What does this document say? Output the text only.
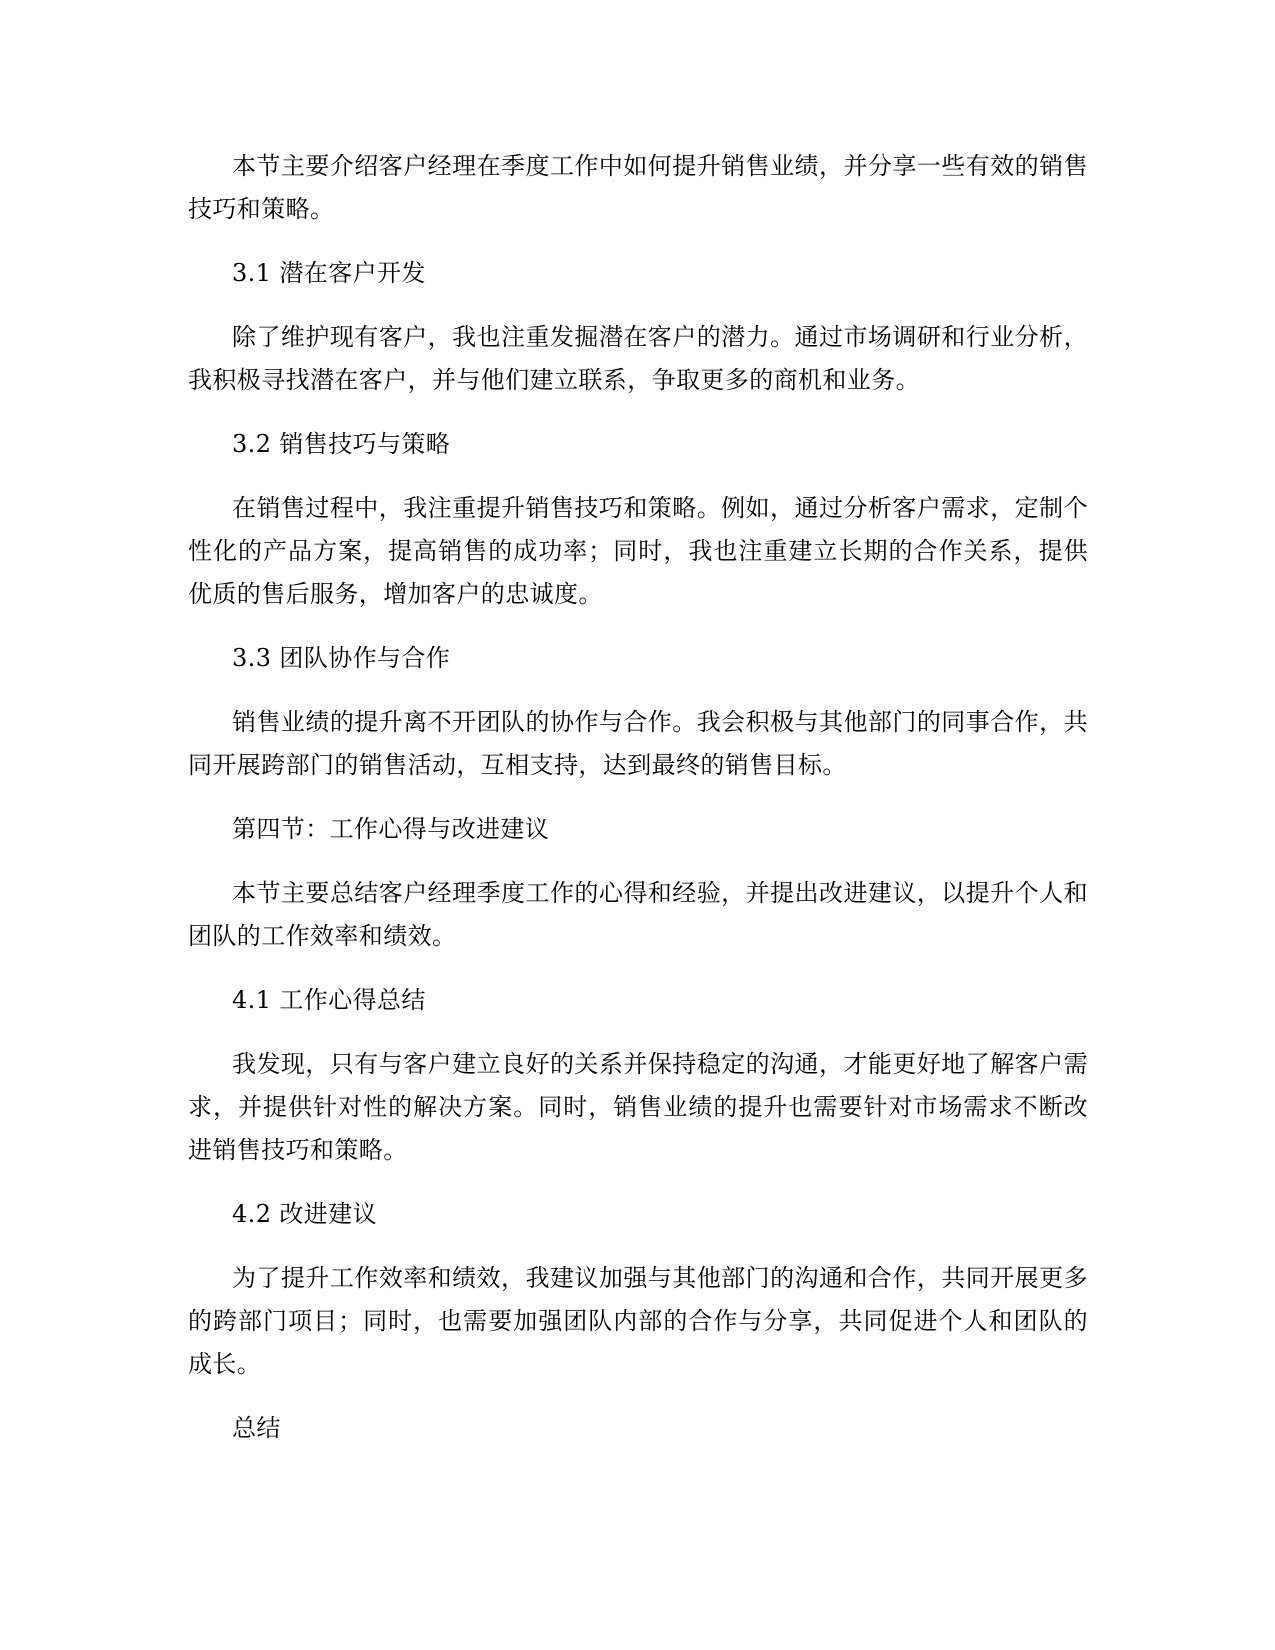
本节主要介绍客户经理在季度工作中如何提升销售业绩，并分享一些有效的销售技巧和策略。

3.1 潜在客户开发

除了维护现有客户，我也注重发掘潜在客户的潜力。通过市场调研和行业分析，我积极寻找潜在客户，并与他们建立联系，争取更多的商机和业务。

3.2 销售技巧与策略

在销售过程中，我注重提升销售技巧和策略。例如，通过分析客户需求，定制个性化的产品方案，提高销售的成功率；同时，我也注重建立长期的合作关系，提供优质的售后服务，增加客户的忠诚度。

3.3 团队协作与合作

销售业绩的提升离不开团队的协作与合作。我会积极与其他部门的同事合作，共同开展跨部门的销售活动，互相支持，达到最终的销售目标。

第四节：工作心得与改进建议

本节主要总结客户经理季度工作的心得和经验，并提出改进建议，以提升个人和团队的工作效率和绩效。

4.1 工作心得总结

我发现，只有与客户建立良好的关系并保持稳定的沟通，才能更好地了解客户需求，并提供针对性的解决方案。同时，销售业绩的提升也需要针对市场需求不断改进销售技巧和策略。

4.2 改进建议

为了提升工作效率和绩效，我建议加强与其他部门的沟通和合作，共同开展更多的跨部门项目；同时，也需要加强团队内部的合作与分享，共同促进个人和团队的成长。

总结
